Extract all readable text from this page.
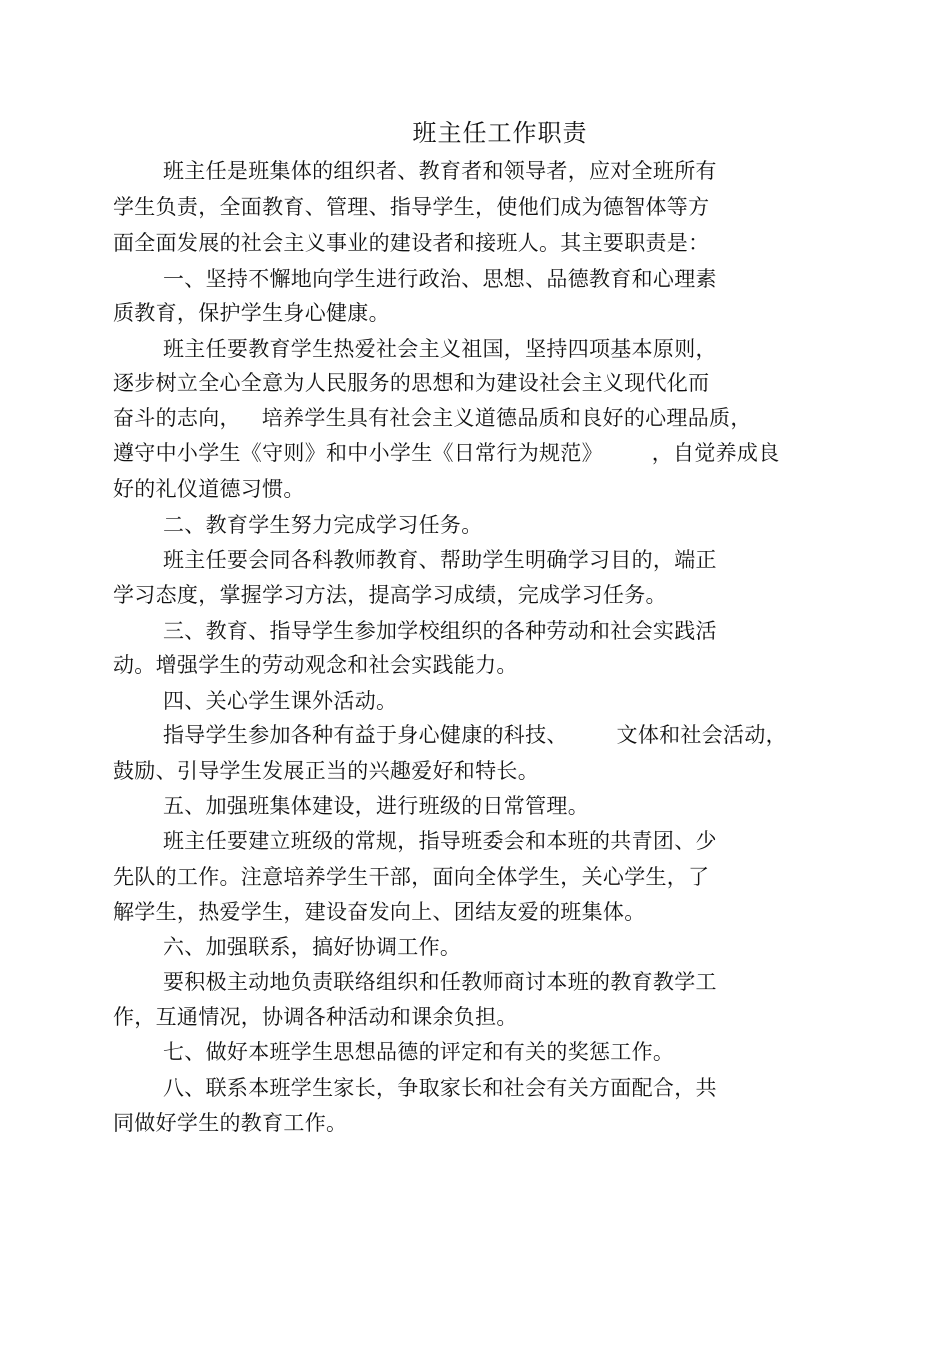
班主任工作职责
班主任是班集体的组织者、教育者和领导者，应对全班所有
学生负责，全面教育、管理、指导学生，使他们成为德智体等方
面全面发展的社会主义事业的建设者和接班人。其主要职责是：
一、坚持不懈地向学生进行政治、思想、品德教育和心理素
质教育，保护学生身心健康。
班主任要教育学生热爱社会主义祖国，坚持四项基本原则，
逐步树立全心全意为人民服务的思想和为建设社会主义现代化而
奋斗的志向，   培养学生具有社会主义道德品质和良好的心理品质，
遵守中小学生《守则》和中小学生《日常行为规范》       ，自觉养成良
好的礼仪道德习惯。
二、教育学生努力完成学习任务。
班主任要会同各科教师教育、帮助学生明确学习目的，端正
学习态度，掌握学习方法，提高学习成绩，完成学习任务。
三、教育、指导学生参加学校组织的各种劳动和社会实践活
动。增强学生的劳动观念和社会实践能力。
四、关心学生课外活动。
指导学生参加各种有益于身心健康的科技、       文体和社会活动，
鼓励、引导学生发展正当的兴趣爱好和特长。
五、加强班集体建设，进行班级的日常管理。
班主任要建立班级的常规，指导班委会和本班的共青团、少
先队的工作。注意培养学生干部，面向全体学生，关心学生，了
解学生，热爱学生，建设奋发向上、团结友爱的班集体。
六、加强联系，搞好协调工作。
要积极主动地负责联络组织和任教师商讨本班的教育教学工
作，互通情况，协调各种活动和课余负担。
七、做好本班学生思想品德的评定和有关的奖惩工作。
八、联系本班学生家长，争取家长和社会有关方面配合，共
同做好学生的教育工作。
